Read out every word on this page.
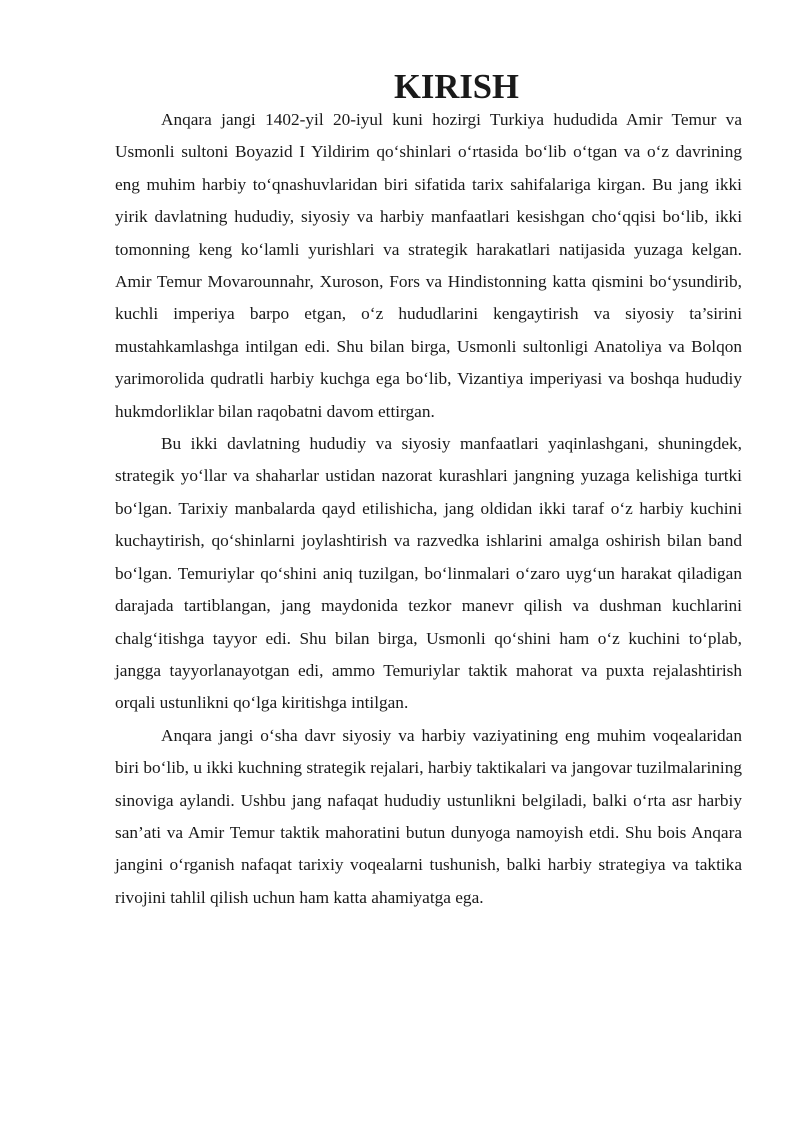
KIRISH

Anqara jangi 1402-yil 20-iyul kuni hozirgi Turkiya hududida Amir Temur va Usmonli sultoni Boyazid I Yildirim qo‘shinlari o‘rtasida bo‘lib o‘tgan va o‘z davrining eng muhim harbiy to‘qnashuvlaridan biri sifatida tarix sahifalariga kirgan. Bu jang ikki yirik davlatning hududiy, siyosiy va harbiy manfaatlari kesishgan cho‘qqisi bo‘lib, ikki tomonning keng ko‘lamli yurishlari va strategik harakatlari natijasida yuzaga kelgan. Amir Temur Movarounnahr, Xuroson, Fors va Hindistonning katta qismini bo‘ysundirib, kuchli imperiya barpo etgan, o‘z hududlarini kengaytirish va siyosiy ta’sirini mustahkamlashga intilgan edi. Shu bilan birga, Usmonli sultonligi Anatoliya va Bolqon yarimorolida qudratli harbiy kuchga ega bo‘lib, Vizantiya imperiyasi va boshqa hududiy hukmdorliklar bilan raqobatni davom ettirgan.

Bu ikki davlatning hududiy va siyosiy manfaatlari yaqinlashgani, shuningdek, strategik yo‘llar va shaharlar ustidan nazorat kurashlari jangning yuzaga kelishiga turtki bo‘lgan. Tarixiy manbalarda qayd etilishicha, jang oldidan ikki taraf o‘z harbiy kuchini kuchaytirish, qo‘shinlarni joylashtirish va razvedka ishlarini amalga oshirish bilan band bo‘lgan. Temuriylar qo‘shini aniq tuzilgan, bo‘linmalari o‘zaro uyg‘un harakat qiladigan darajada tartiblangan, jang maydonida tezkor manevr qilish va dushman kuchlarini chalg‘itishga tayyor edi. Shu bilan birga, Usmonli qo‘shini ham o‘z kuchini to‘plab, jangga tayyorlanayotgan edi, ammo Temuriylar taktik mahorat va puxta rejalashtirish orqali ustunlikni qo‘lga kiritishga intilgan.

Anqara jangi o‘sha davr siyosiy va harbiy vaziyatining eng muhim voqealaridan biri bo‘lib, u ikki kuchning strategik rejalari, harbiy taktikalari va jangovar tuzilmalarining sinoviga aylandi. Ushbu jang nafaqat hududiy ustunlikni belgiladi, balki o‘rta asr harbiy san’ati va Amir Temur taktik mahoratini butun dunyoga namoyish etdi. Shu bois Anqara jangini o‘rganish nafaqat tarixiy voqealarni tushunish, balki harbiy strategiya va taktika rivojini tahlil qilish uchun ham katta ahamiyatga ega.
